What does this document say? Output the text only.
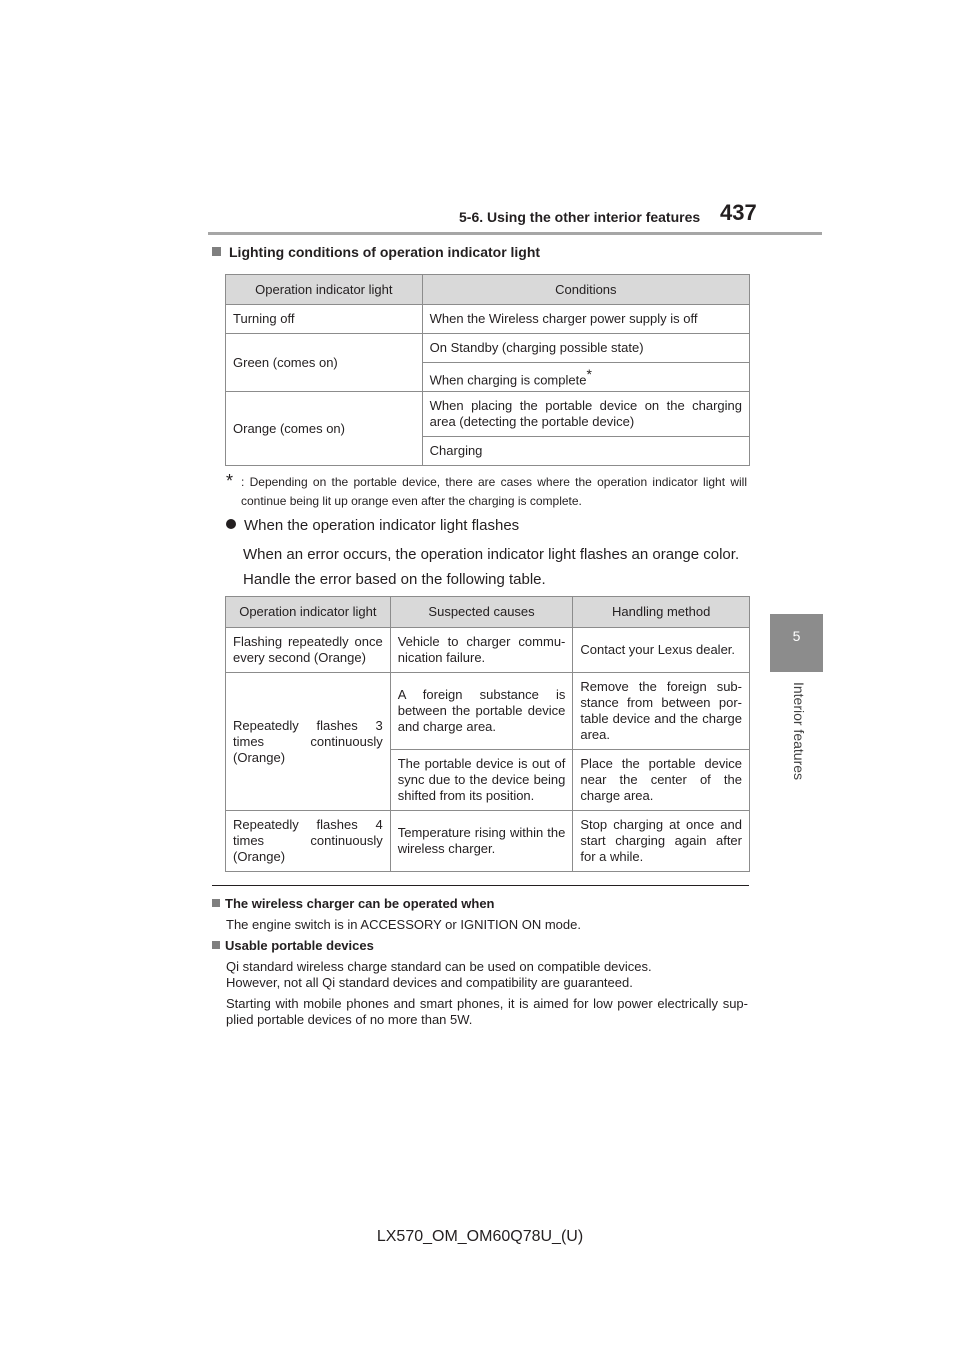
5-6. Using the other interior features 437
5
Interior features
Lighting conditions of operation indicator light
Operation indicator light	Conditions
Turning off	When the Wireless charger power supply is off
Green (comes on)	On Standby (charging possible state)
	When charging is complete*
Orange (comes on)	When placing the portable device on the charging area (detecting the portable device)
	Charging
* : Depending on the portable device, there are cases where the operation indicator light will continue being lit up orange even after the charging is complete.
When the operation indicator light flashes
When an error occurs, the operation indicator light flashes an orange color. Handle the error based on the following table.
Operation indicator light	Suspected causes	Handling method
Flashing repeatedly once every second (Orange)	Vehicle to charger commu-nication failure.	Contact your Lexus dealer.
Repeatedly flashes 3 times continuously (Orange)	A foreign substance is between the portable device and charge area.	Remove the foreign sub-stance from between por-table device and the charge area.
	The portable device is out of sync due to the device being shifted from its position.	Place the portable device near the center of the charge area.
Repeatedly flashes 4 times continuously (Orange)	Temperature rising within the wireless charger.	Stop charging at once and start charging again after for a while.
The wireless charger can be operated when
The engine switch is in ACCESSORY or IGNITION ON mode.
Usable portable devices
Qi standard wireless charge standard can be used on compatible devices.
However, not all Qi standard devices and compatibility are guaranteed.
Starting with mobile phones and smart phones, it is aimed for low power electrically sup-plied portable devices of no more than 5W.
LX570_OM_OM60Q78U_(U)
